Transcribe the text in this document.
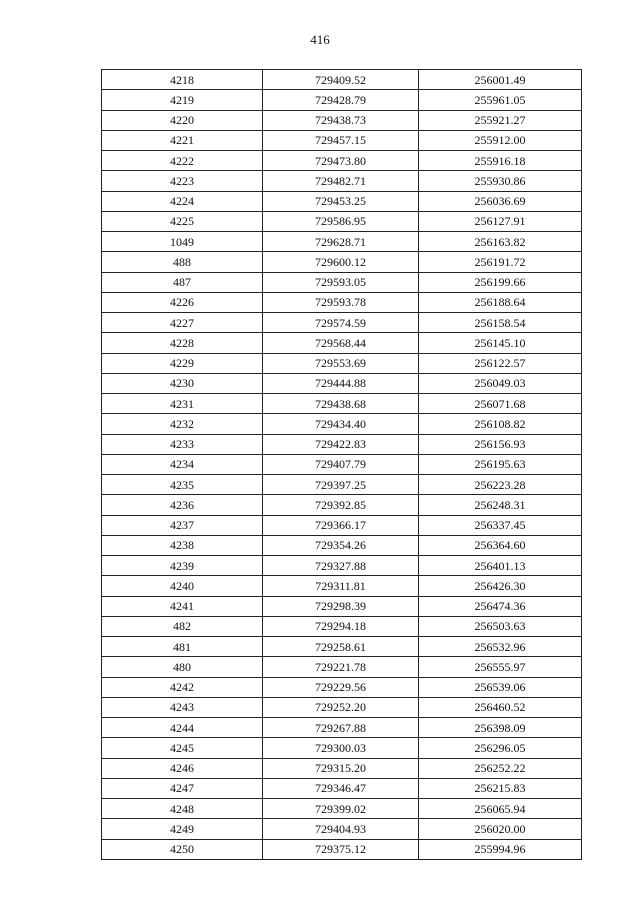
416
4218	729409.52	256001.49
4219	729428.79	255961.05
4220	729438.73	255921.27
4221	729457.15	255912.00
4222	729473.80	255916.18
4223	729482.71	255930.86
4224	729453.25	256036.69
4225	729586.95	256127.91
1049	729628.71	256163.82
488	729600.12	256191.72
487	729593.05	256199.66
4226	729593.78	256188.64
4227	729574.59	256158.54
4228	729568.44	256145.10
4229	729553.69	256122.57
4230	729444.88	256049.03
4231	729438.68	256071.68
4232	729434.40	256108.82
4233	729422.83	256156.93
4234	729407.79	256195.63
4235	729397.25	256223.28
4236	729392.85	256248.31
4237	729366.17	256337.45
4238	729354.26	256364.60
4239	729327.88	256401.13
4240	729311.81	256426.30
4241	729298.39	256474.36
482	729294.18	256503.63
481	729258.61	256532.96
480	729221.78	256555.97
4242	729229.56	256539.06
4243	729252.20	256460.52
4244	729267.88	256398.09
4245	729300.03	256296.05
4246	729315.20	256252.22
4247	729346.47	256215.83
4248	729399.02	256065.94
4249	729404.93	256020.00
4250	729375.12	255994.96
